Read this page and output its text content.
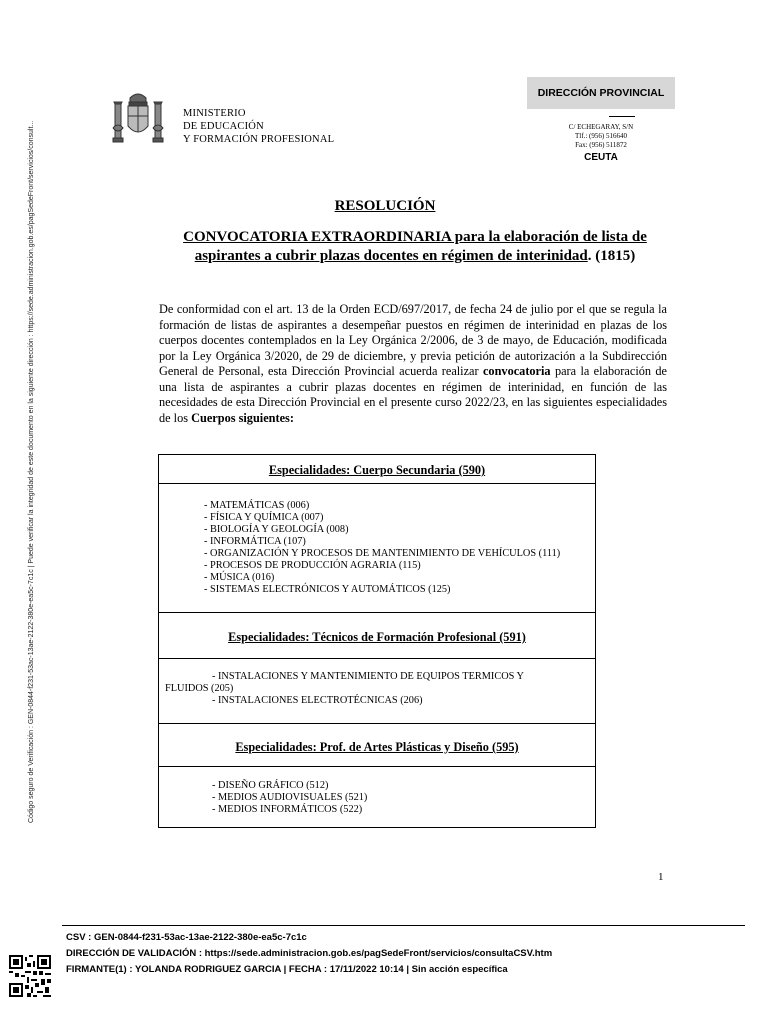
Código seguro de Verificación : GEN-0844-f231-53ac-13ae-2122-380e-ea5c-7c1c | Puede verificar la integridad de este documento en la siguiente dirección : https://sede.administracion.gob.es/pagSedeFront/servicios/consult...
MINISTERIO
DE EDUCACIÓN
Y FORMACIÓN PROFESIONAL
DIRECCIÓN PROVINCIAL
C/ ECHEGARAY, S/N
Tlf.: (956) 516640
Fax: (956) 511872
CEUTA
RESOLUCIÓN
CONVOCATORIA EXTRAORDINARIA para la elaboración de lista de aspirantes a cubrir plazas docentes en régimen de interinidad. (1815)
De conformidad con el art. 13 de la Orden ECD/697/2017, de fecha 24 de julio por el que se regula la formación de listas de aspirantes a desempeñar puestos en régimen de interinidad en plazas de los cuerpos docentes contemplados en la Ley Orgánica 2/2006, de 3 de mayo, de Educación, modificada por la Ley Orgánica 3/2020, de 29 de diciembre, y previa petición de autorización a la Subdirección General de Personal, esta Dirección Provincial acuerda realizar convocatoria para la elaboración de una lista de aspirantes a cubrir plazas docentes en régimen de interinidad, en función de las necesidades de esta Dirección Provincial en el presente curso 2022/23, en las siguientes especialidades de los Cuerpos siguientes:
Especialidades: Cuerpo Secundaria (590)
- MATEMÁTICAS (006)
- FÍSICA Y QUÍMICA (007)
- BIOLOGÍA Y GEOLOGÍA (008)
- INFORMÁTICA (107)
- ORGANIZACIÓN Y PROCESOS DE MANTENIMIENTO DE VEHÍCULOS (111)
- PROCESOS DE PRODUCCIÓN AGRARIA (115)
- MÚSICA (016)
- SISTEMAS ELECTRÓNICOS Y AUTOMÁTICOS (125)
Especialidades: Técnicos de Formación Profesional (591)
- INSTALACIONES Y MANTENIMIENTO DE EQUIPOS TERMICOS Y
FLUIDOS (205)
- INSTALACIONES ELECTROTÉCNICAS (206)
Especialidades: Prof. de Artes Plásticas y Diseño (595)
- DISEÑO GRÁFICO (512)
- MEDIOS AUDIOVISUALES (521)
- MEDIOS INFORMÁTICOS (522)
1
CSV : GEN-0844-f231-53ac-13ae-2122-380e-ea5c-7c1c
DIRECCIÓN DE VALIDACIÓN : https://sede.administracion.gob.es/pagSedeFront/servicios/consultaCSV.htm
FIRMANTE(1) : YOLANDA RODRIGUEZ GARCIA | FECHA : 17/11/2022 10:14 | Sin acción específica
